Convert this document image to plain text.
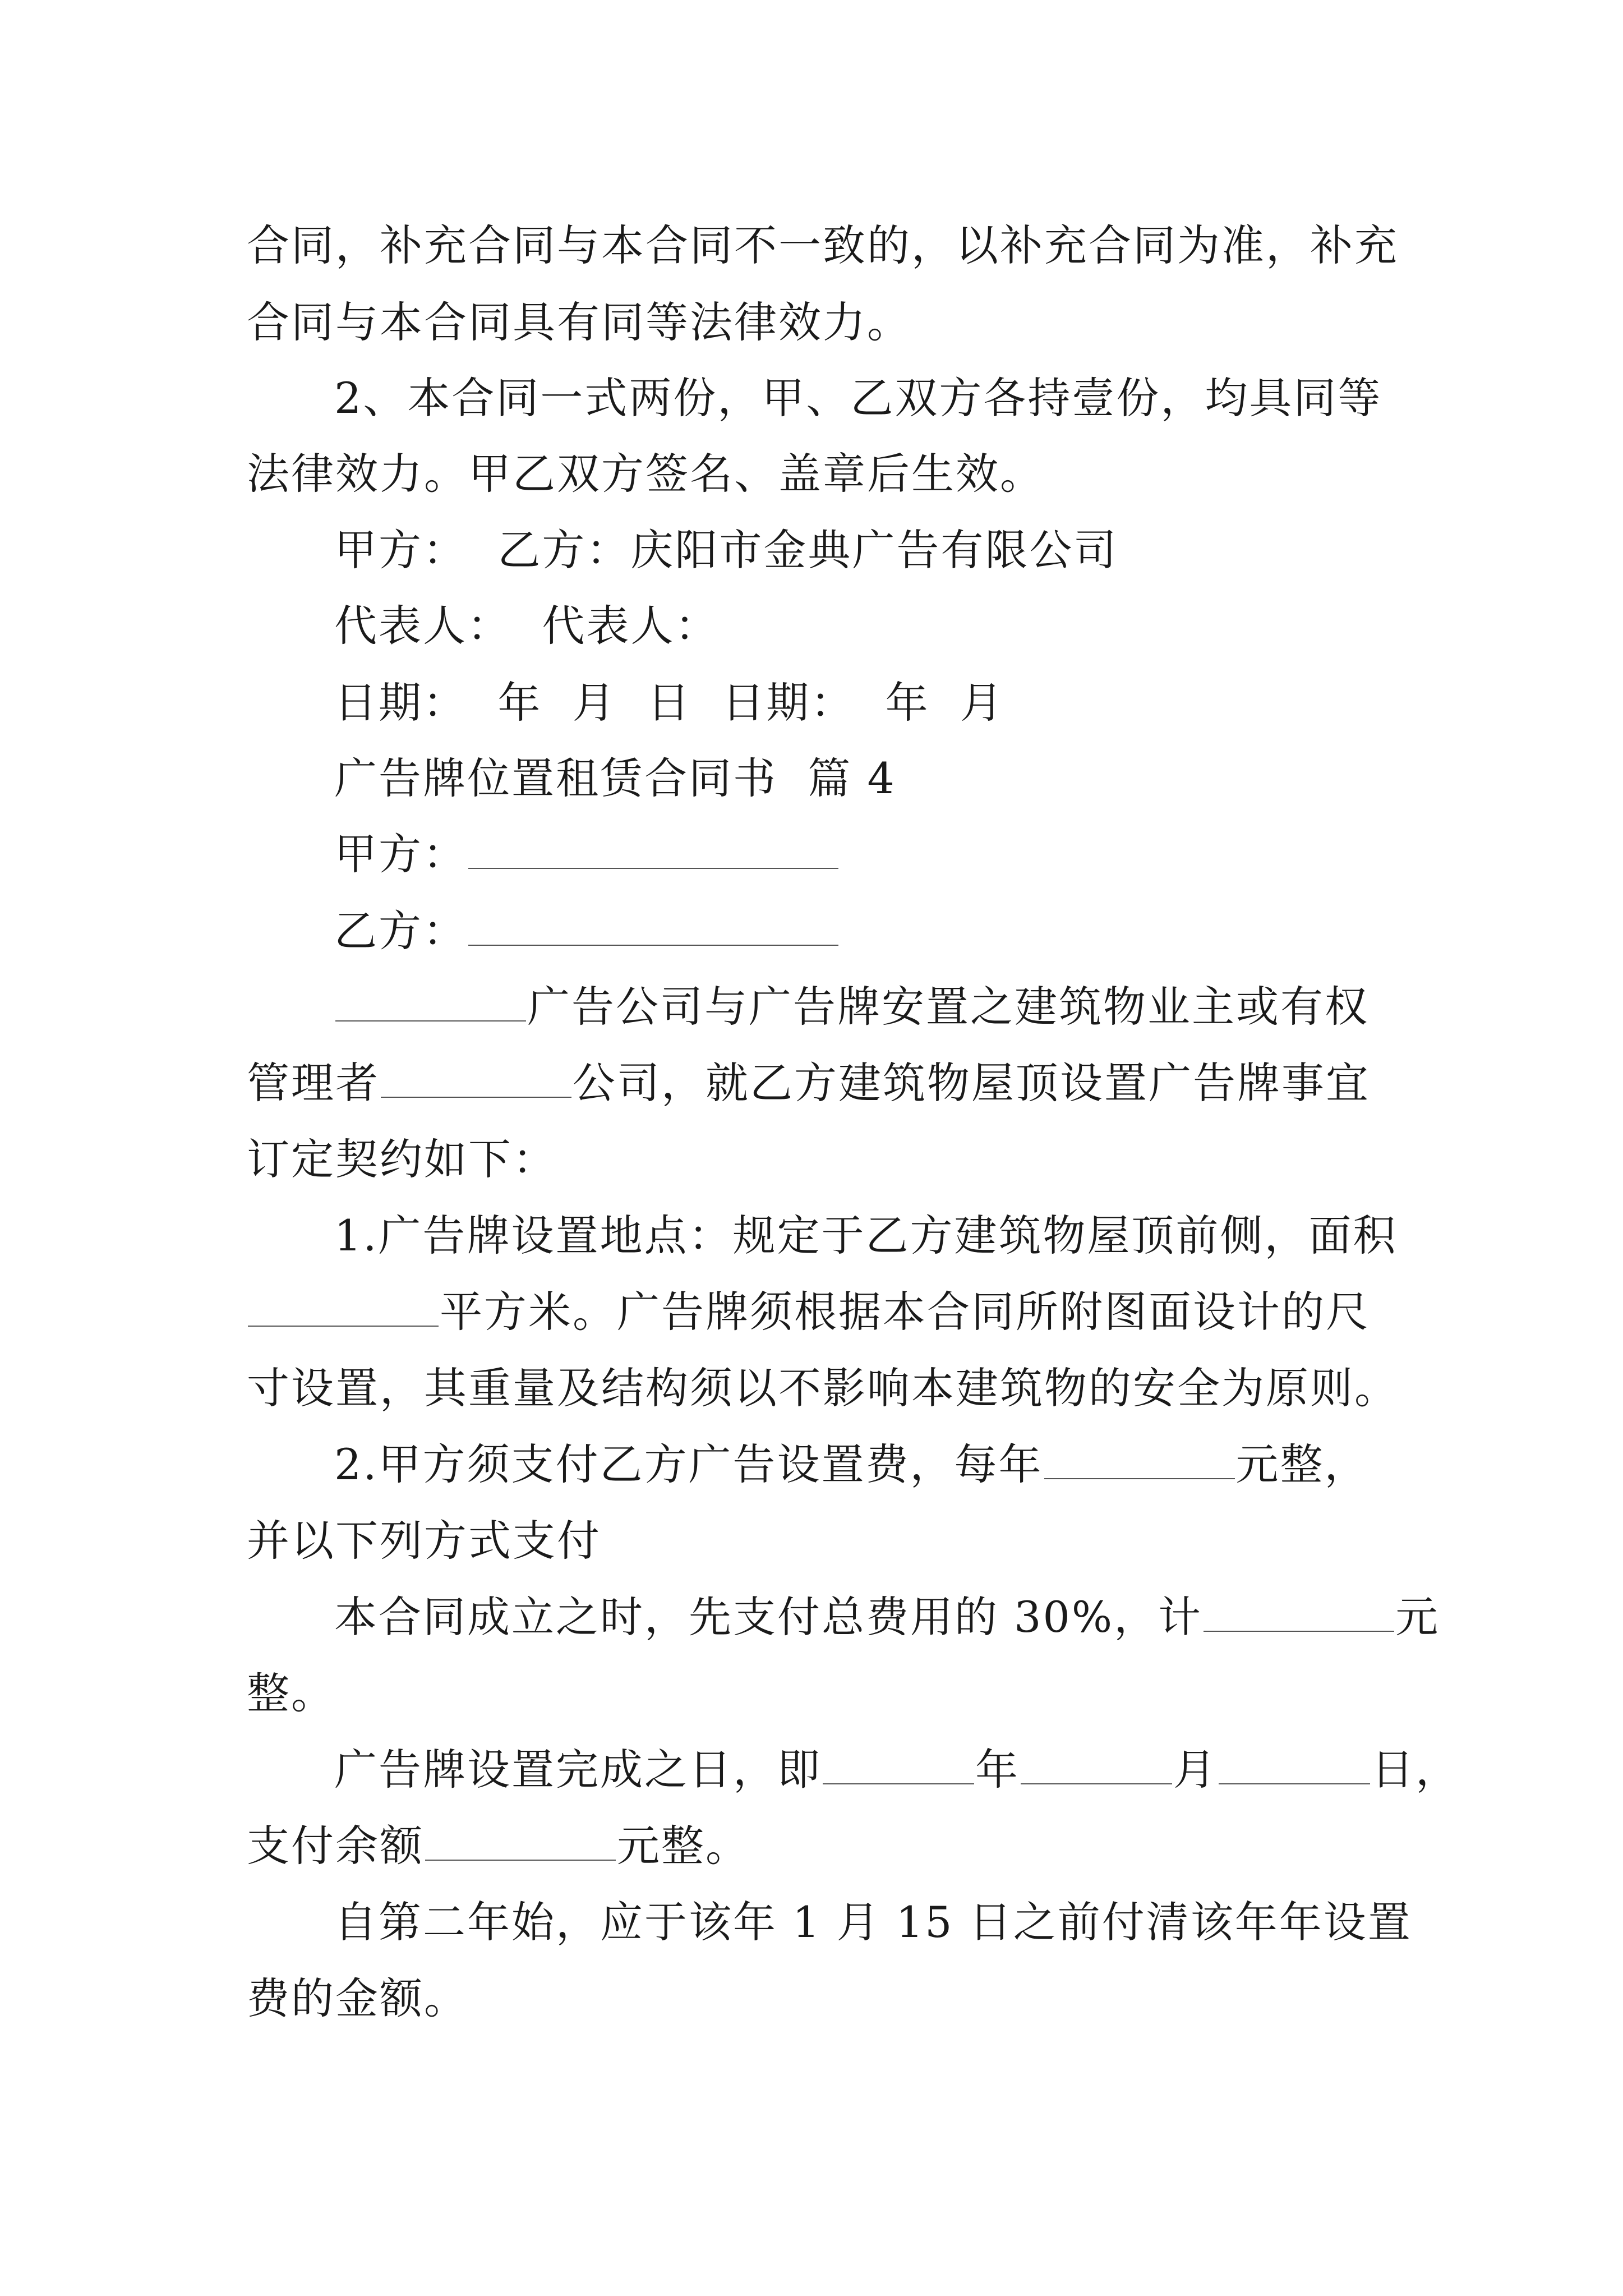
合同，补充合同与本合同不一致的，以补充合同为准，补充
合同与本合同具有同等法律效力。
2、本合同一式两份，甲、乙双方各持壹份，均具同等
法律效力。甲乙双方签名、盖章后生效。
甲方：  乙方：庆阳市金典广告有限公司
代表人：  代表人：
日期：  年  月  日  日期：  年  月
广告牌位置租赁合同书  篇 4
甲方：
乙方：
广告公司与广告牌安置之建筑物业主或有权
管理者	公司，就乙方建筑物屋顶设置广告牌事宜
订定契约如下：
1.广告牌设置地点：规定于乙方建筑物屋顶前侧，面积
平方米。广告牌须根据本合同所附图面设计的尺
寸设置，其重量及结构须以不影响本建筑物的安全为原则。
2.甲方须支付乙方广告设置费，每年	元整，
并以下列方式支付
本合同成立之时，先支付总费用的 30%，计	元
整。
广告牌设置完成之日，即	年	月	日，
支付余额	元整。
自第二年始，应于该年 1 月 15 日之前付清该年年设置
费的金额。
